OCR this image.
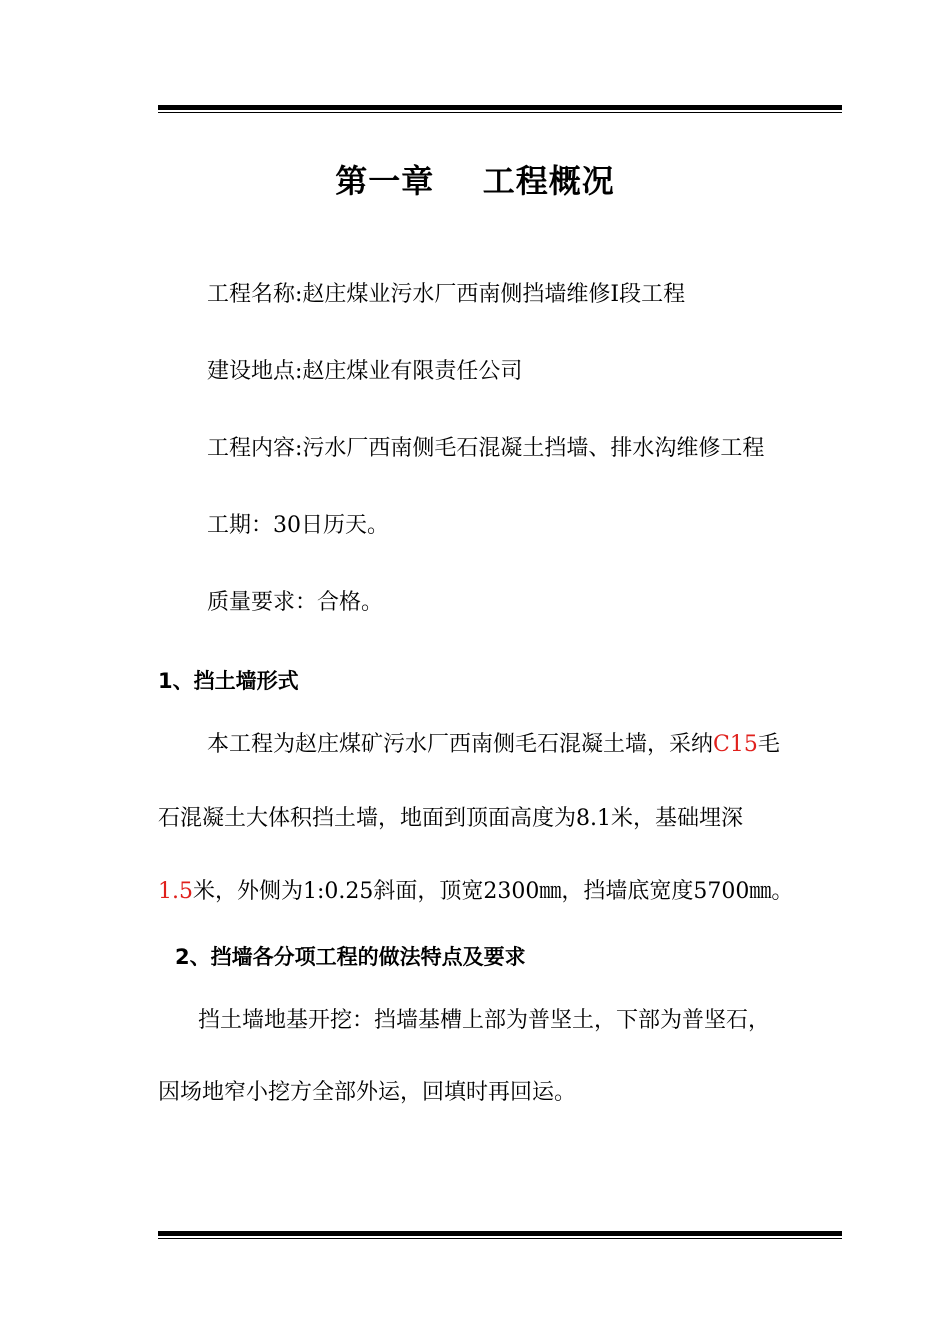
第一章    工程概况
工程名称:赵庄煤业污水厂西南侧挡墙维修Ⅰ段工程
建设地点:赵庄煤业有限责任公司
工程内容:污水厂西南侧毛石混凝土挡墙、排水沟维修工程
工期：30日历天。
质量要求：合格。
1、挡土墙形式
本工程为赵庄煤矿污水厂西南侧毛石混凝土墙，采纳C15毛
石混凝土大体积挡土墙，地面到顶面高度为8.1米，基础埋深
1.5米，外侧为1:0.25斜面，顶宽2300㎜，挡墙底宽度5700㎜。
2、挡墙各分项工程的做法特点及要求
挡土墙地基开挖：挡墙基槽上部为普坚土，下部为普坚石，
因场地窄小挖方全部外运，回填时再回运。
